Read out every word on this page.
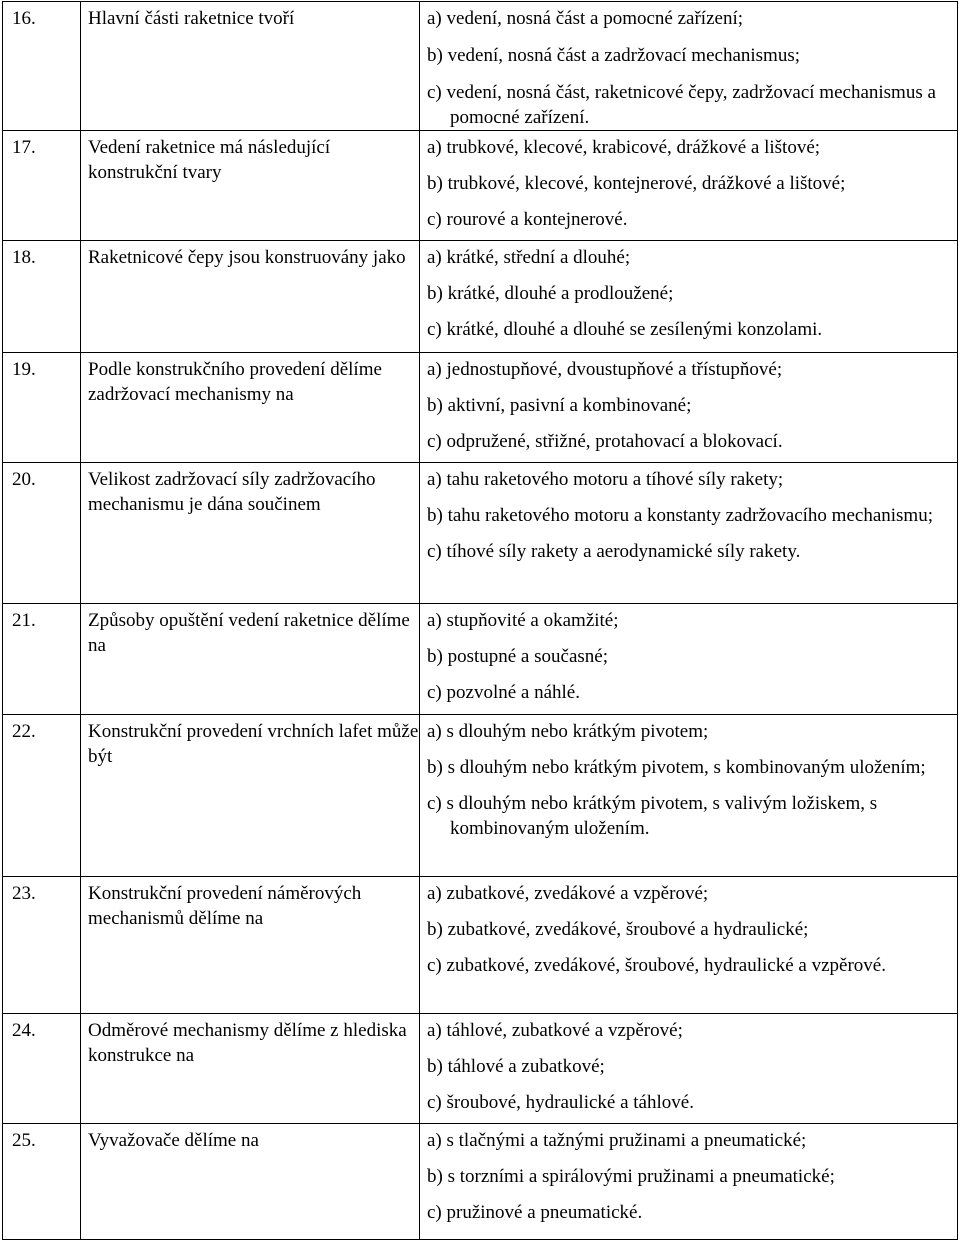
16.	Hlavní části raketnice tvoří	a) vedení, nosná část a pomocné zařízení;
b) vedení, nosná část a zadržovací mechanismus;
c) vedení, nosná část, raketnicové čepy, zadržovací mechanismus a pomocné zařízení.

17.	Vedení raketnice má následující konstrukční tvary	a) trubkové, klecové, krabicové, drážkové a lištové;
b) trubkové, klecové, kontejnerové, drážkové a lištové;
c) rourové a kontejnerové.

18.	Raketnicové čepy jsou konstruovány jako	a) krátké, střední a dlouhé;
b) krátké, dlouhé a prodloužené;
c) krátké, dlouhé a dlouhé se zesílenými konzolami.

19.	Podle konstrukčního provedení dělíme zadržovací mechanismy na	a) jednostupňové, dvoustupňové a třístupňové;
b) aktivní, pasivní a kombinované;
c) odpružené, střižné, protahovací a blokovací.

20.	Velikost zadržovací síly zadržovacího mechanismu je dána součinem	a) tahu raketového motoru a tíhové síly rakety;
b) tahu raketového motoru a konstanty zadržovacího mechanismu;
c) tíhové síly rakety a aerodynamické síly rakety.

21.	Způsoby opuštění vedení raketnice dělíme na	a) stupňovité a okamžité;
b) postupné a současné;
c) pozvolné a náhlé.

22.	Konstrukční provedení vrchních lafet může být	a) s dlouhým nebo krátkým pivotem;
b) s dlouhým nebo krátkým pivotem, s kombinovaným uložením;
c) s dlouhým nebo krátkým pivotem, s valivým ložiskem, s kombinovaným uložením.

23.	Konstrukční provedení náměrových mechanismů dělíme na	a) zubatkové, zvedákové a vzpěrové;
b) zubatkové, zvedákové, šroubové a hydraulické;
c) zubatkové, zvedákové, šroubové, hydraulické a vzpěrové.

24.	Odměrové mechanismy dělíme z hlediska konstrukce na	a) táhlové, zubatkové a vzpěrové;
b) táhlové a zubatkové;
c) šroubové, hydraulické a táhlové.

25.	Vyvažovače dělíme na	a) s tlačnými a tažnými pružinami a pneumatické;
b) s torzními a spirálovými pružinami a pneumatické;
c) pružinové a pneumatické.
